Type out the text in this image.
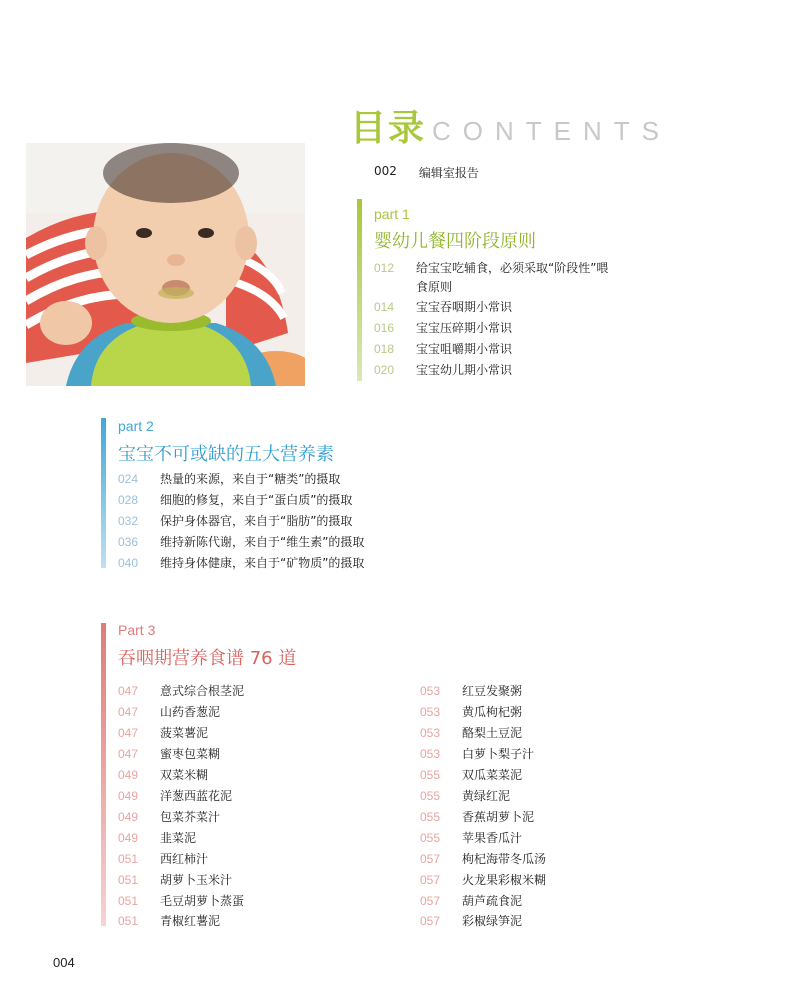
目录 CONTENTS
002 编辑室报告
part 1
婴幼儿餐四阶段原则
012	给宝宝吃辅食，必须采取“阶段性”喂
食原则
014	宝宝吞咽期小常识
016	宝宝压碎期小常识
018	宝宝咀嚼期小常识
020	宝宝幼儿期小常识
part 2
宝宝不可或缺的五大营养素
024	热量的来源，来自于“糖类”的摄取
028	细胞的修复，来自于“蛋白质”的摄取
032	保护身体器官，来自于“脂肪”的摄取
036	维持新陈代谢，来自于“维生素”的摄取
040	维持身体健康，来自于“矿物质”的摄取
Part 3
吞咽期营养食谱 76 道
047	意式综合根茎泥
047	山药香葱泥
047	菠菜薯泥
047	蜜枣包菜糊
049	双菜米糊
049	洋葱西蓝花泥
049	包菜芥菜汁
049	韭菜泥
051	西红柿汁
051	胡萝卜玉米汁
051	毛豆胡萝卜蒸蛋
051	青椒红薯泥
053	红豆发聚粥
053	黄瓜枸杞粥
053	酪梨土豆泥
053	白萝卜梨子汁
055	双瓜菜菜泥
055	黄绿红泥
055	香蕉胡萝卜泥
055	苹果香瓜汁
057	枸杞海带冬瓜汤
057	火龙果彩椒米糊
057	葫芦疏食泥
057	彩椒绿笋泥
004
